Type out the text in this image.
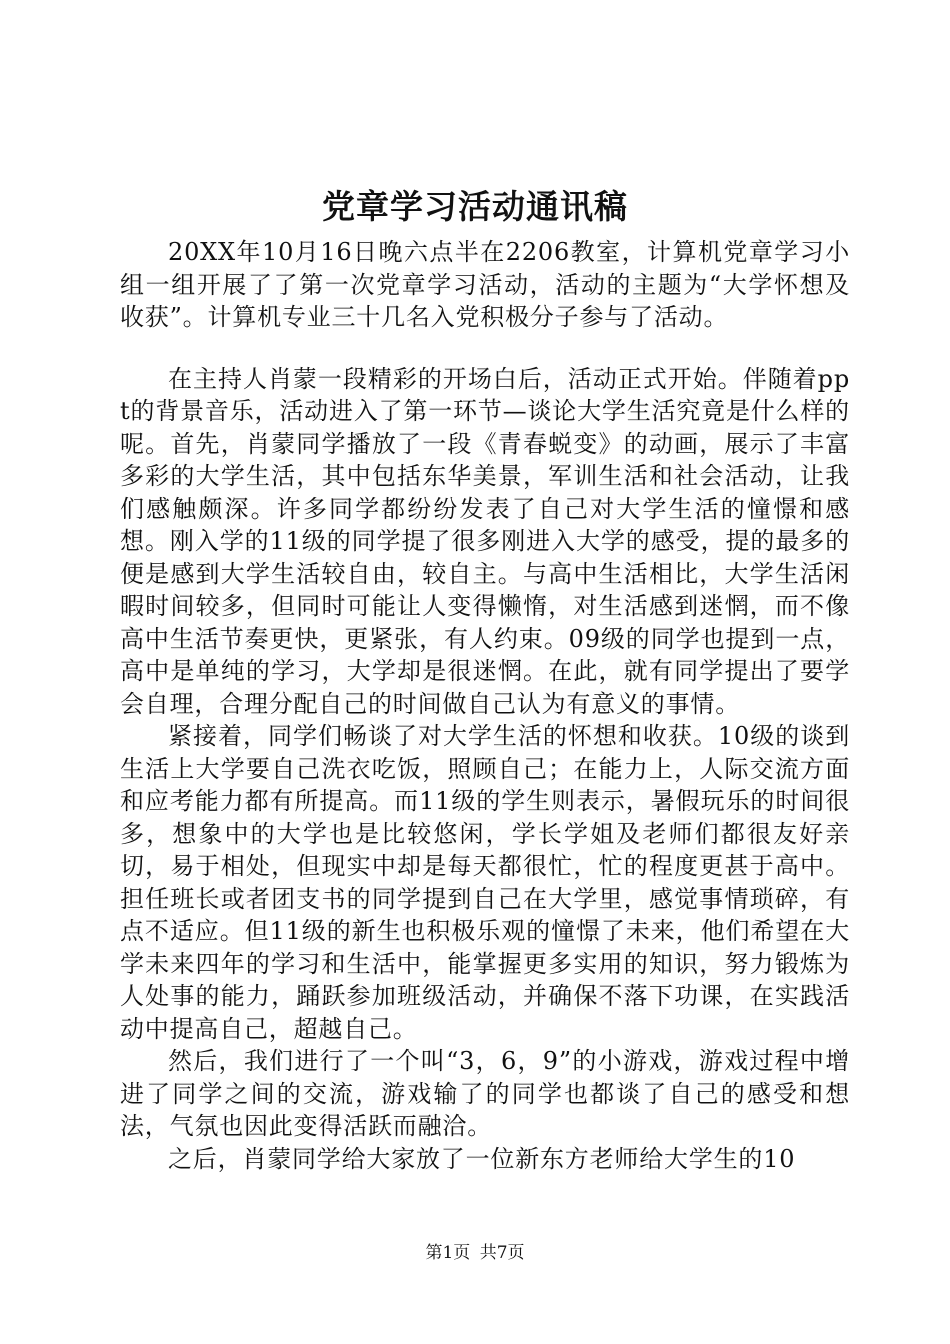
党章学习活动通讯稿

20XX年10月16日晚六点半在2206教室，计算机党章学习小组一组开展了了第一次党章学习活动，活动的主题为“大学怀想及收获”。计算机专业三十几名入党积极分子参与了活动。

在主持人肖蒙一段精彩的开场白后，活动正式开始。伴随着ppt的背景音乐，活动进入了第一环节—谈论大学生活究竟是什么样的呢。首先，肖蒙同学播放了一段《青春蜕变》的动画，展示了丰富多彩的大学生活，其中包括东华美景，军训生活和社会活动，让我们感触颇深。许多同学都纷纷发表了自己对大学生活的憧憬和感想。刚入学的11级的同学提了很多刚进入大学的感受，提的最多的便是感到大学生活较自由，较自主。与高中生活相比，大学生活闲暇时间较多，但同时可能让人变得懒惰，对生活感到迷惘，而不像高中生活节奏更快，更紧张，有人约束。09级的同学也提到一点，高中是单纯的学习，大学却是很迷惘。在此，就有同学提出了要学会自理，合理分配自己的时间做自己认为有意义的事情。

紧接着，同学们畅谈了对大学生活的怀想和收获。10级的谈到生活上大学要自己洗衣吃饭，照顾自己；在能力上，人际交流方面和应考能力都有所提高。而11级的学生则表示，暑假玩乐的时间很多，想象中的大学也是比较悠闲，学长学姐及老师们都很友好亲切，易于相处，但现实中却是每天都很忙，忙的程度更甚于高中。担任班长或者团支书的同学提到自己在大学里，感觉事情琐碎，有点不适应。但11级的新生也积极乐观的憧憬了未来，他们希望在大学未来四年的学习和生活中，能掌握更多实用的知识，努力锻炼为人处事的能力，踊跃参加班级活动，并确保不落下功课，在实践活动中提高自己，超越自己。

然后，我们进行了一个叫“3，6，9”的小游戏，游戏过程中增进了同学之间的交流，游戏输了的同学也都谈了自己的感受和想法，气氛也因此变得活跃而融洽。

之后，肖蒙同学给大家放了一位新东方老师给大学生的10

第1页 共7页
